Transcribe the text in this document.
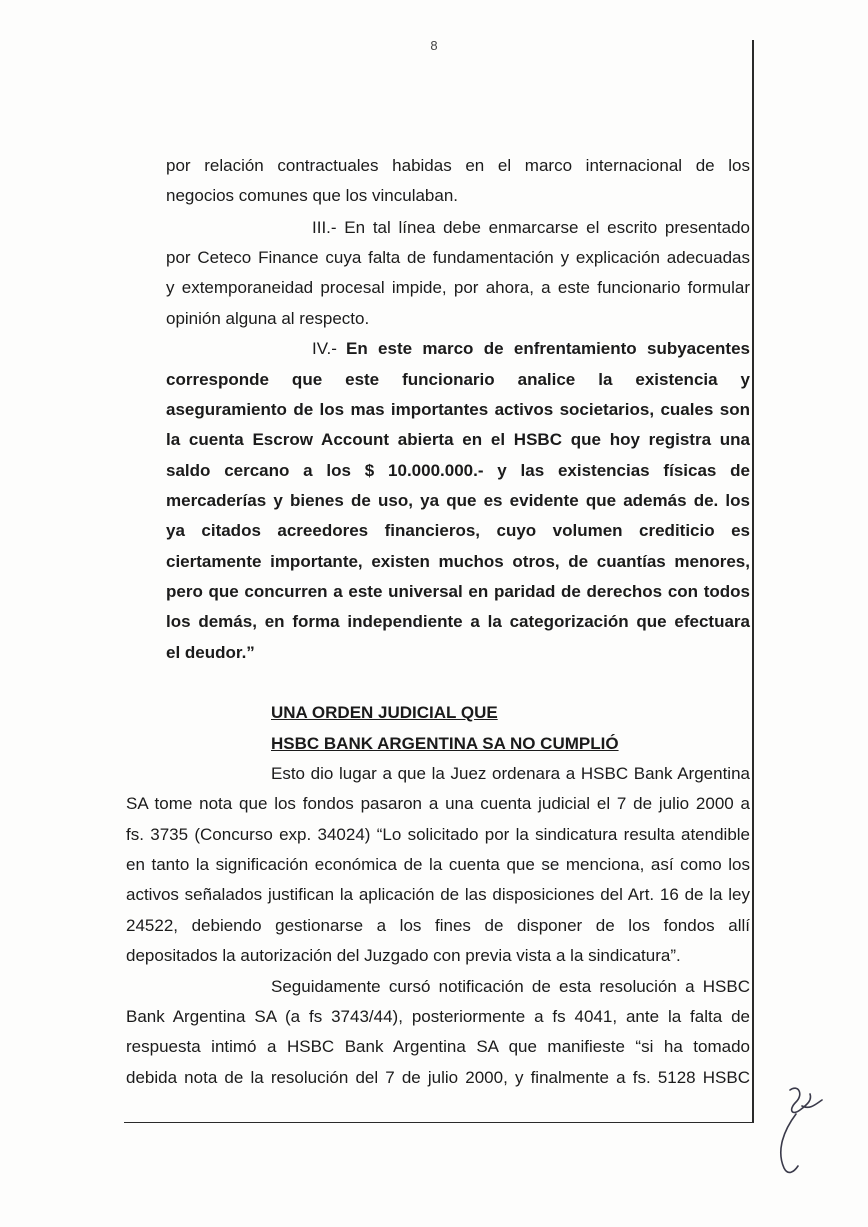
8
por relación contractuales habidas en el marco internacional de los
negocios comunes que los vinculaban.
III.- En tal línea debe enmarcarse el escrito presentado
por Ceteco Finance cuya falta de fundamentación y explicación adecuadas
y extemporaneidad procesal impide, por ahora, a este funcionario formular
opinión alguna al respecto.
IV.- En este marco de enfrentamiento subyacentes
corresponde que este funcionario analice la existencia y
aseguramiento de los mas importantes activos societarios, cuales son
la cuenta Escrow Account abierta en el HSBC que hoy registra una
saldo cercano a los $ 10.000.000.- y las existencias físicas de
mercaderías y bienes de uso, ya que es evidente que además de. los
ya citados acreedores financieros, cuyo volumen crediticio es
ciertamente importante, existen muchos otros, de cuantías menores,
pero que concurren a este universal en paridad de derechos con todos
los demás, en forma independiente a la categorización que efectuara
el deudor.”
UNA ORDEN JUDICIAL QUE
HSBC BANK ARGENTINA SA NO CUMPLIÓ
Esto dio lugar a que la Juez ordenara a HSBC Bank Argentina
SA tome nota que los fondos pasaron a una cuenta judicial el 7 de julio 2000 a
fs. 3735 (Concurso exp. 34024) “Lo solicitado por la sindicatura resulta atendible
en tanto la significación económica de la cuenta que se menciona, así como los
activos señalados justifican la aplicación de las disposiciones del Art. 16 de la ley
24522, debiendo gestionarse a los fines de disponer de los fondos allí
depositados la autorización del Juzgado con previa vista a la sindicatura”.
Seguidamente cursó notificación de esta resolución a HSBC
Bank Argentina SA (a fs 3743/44), posteriormente a fs 4041, ante la falta de
respuesta intimó a HSBC Bank Argentina SA que manifieste “si ha tomado
debida nota de la resolución del 7 de julio 2000, y finalmente a fs. 5128 HSBC
